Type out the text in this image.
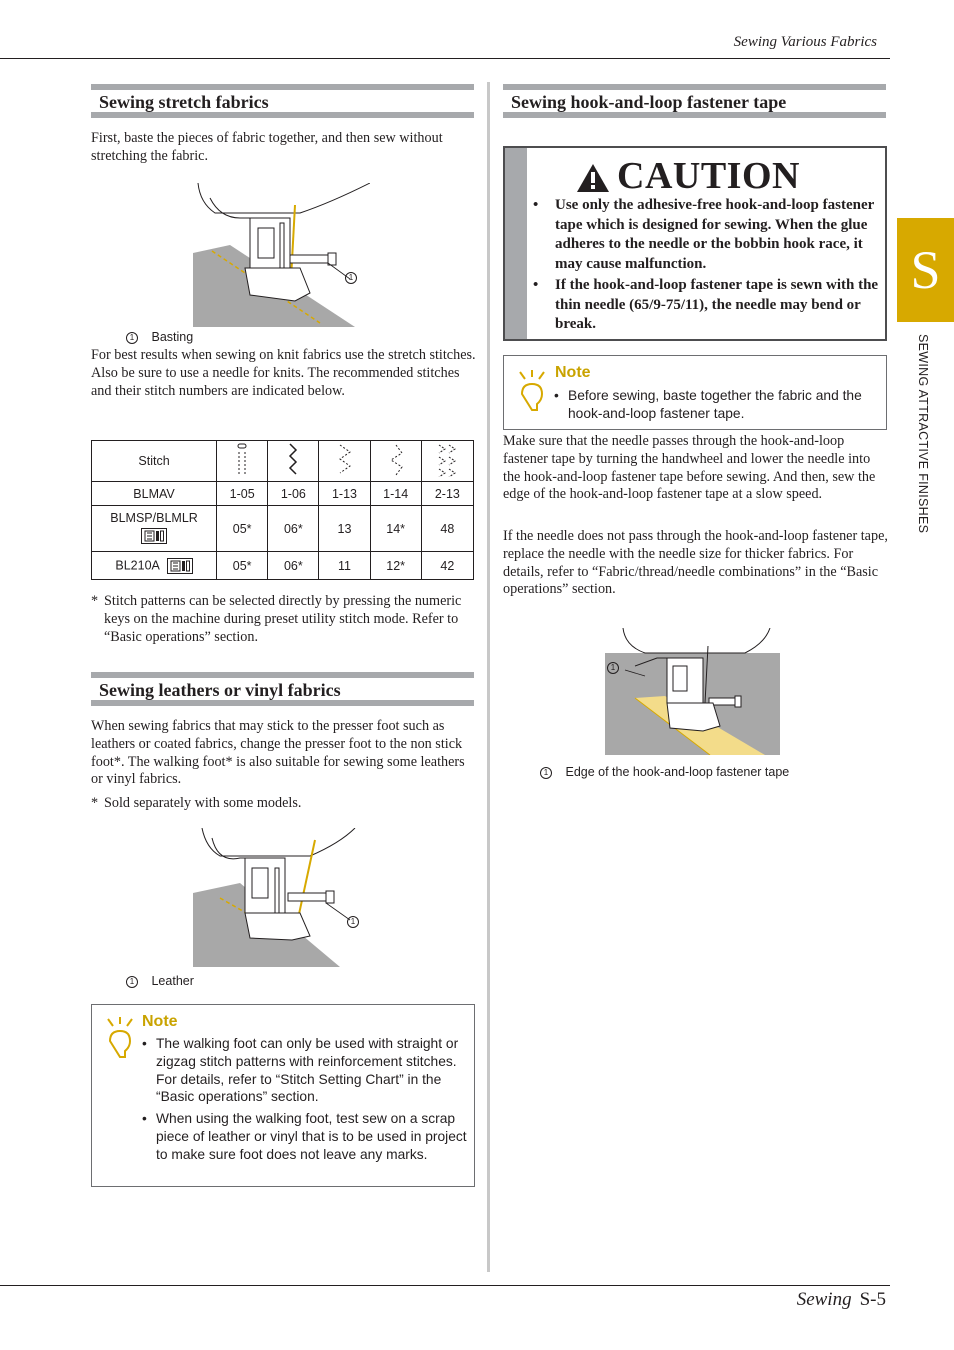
Sewing Various Fabrics
S
SEWING ATTRACTIVE FINISHES
Sewing S-5
Sewing stretch fabrics
First, baste the pieces of fabric together, and then sew without stretching the fabric.
1
1 Basting
For best results when sewing on knit fabrics use the stretch stitches. Also be sure to use a needle for knits. The recommended stitches and their stitch numbers are indicated below.
Stitch					
BLMAV	1-05	1-06	1-13	1-14	2-13

BLMSP/BLMLR	05*	06*	13	14*	48
BL210A	05*	06*	11	12*	42
* Stitch patterns can be selected directly by pressing the numeric keys on the machine during preset utility stitch mode. Refer to “Basic operations” section.
Sewing leathers or vinyl fabrics
When sewing fabrics that may stick to the presser foot such as leathers or coated fabrics, change the presser foot to the non stick foot*. The walking foot* is also suitable for sewing some leathers or vinyl fabrics.
* Sold separately with some models.
1
1 Leather
Note
• The walking foot can only be used with straight or zigzag stitch patterns with reinforcement stitches. For details, refer to “Stitch Setting Chart” in the “Basic operations” section.
• When using the walking foot, test sew on a scrap piece of leather or vinyl that is to be used in project to make sure foot does not leave any marks.
Sewing hook-and-loop fastener tape
CAUTION
• Use only the adhesive-free hook-and-loop fastener tape which is designed for sewing. When the glue adheres to the needle or the bobbin hook race, it may cause malfunction.
• If the hook-and-loop fastener tape is sewn with the thin needle (65/9-75/11), the needle may bend or break.
Note
• Before sewing, baste together the fabric and the hook-and-loop fastener tape.
Make sure that the needle passes through the hook-and-loop fastener tape by turning the handwheel and lower the needle into the hook-and-loop fastener tape before sewing. And then, sew the edge of the hook-and-loop fastener tape at a slow speed.
If the needle does not pass through the hook-and-loop fastener tape, replace the needle with the needle size for thicker fabrics. For details, refer to “Fabric/thread/needle combinations” in the “Basic operations” section.
1
1 Edge of the hook-and-loop fastener tape
